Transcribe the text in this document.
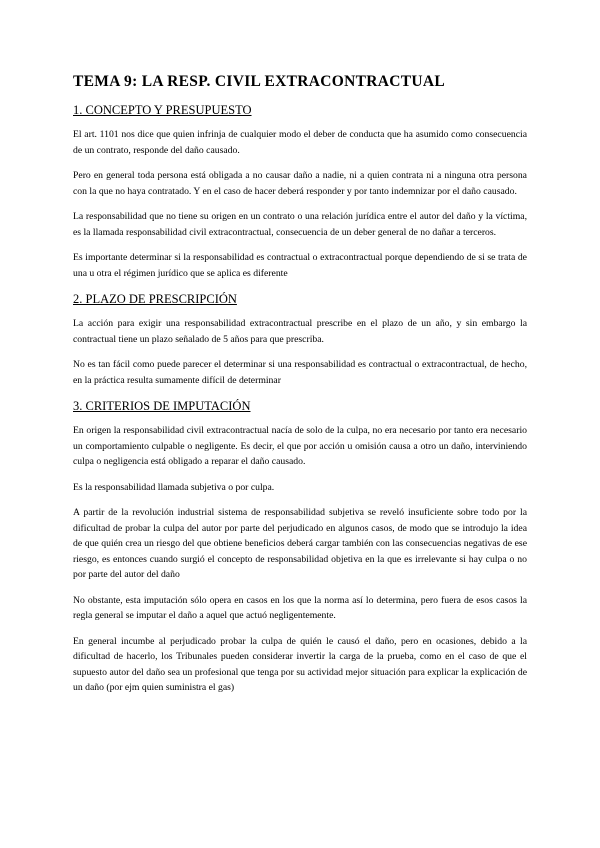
TEMA 9: LA RESP. CIVIL EXTRACONTRACTUAL
1. CONCEPTO Y PRESUPUESTO

El art. 1101 nos dice que quien infrinja de cualquier modo el deber de conducta que ha asumido como consecuencia de un contrato, responde del daño causado.

Pero en general toda persona está obligada a no causar daño a nadie, ni a quien contrata ni a ninguna otra persona con la que no haya contratado. Y en el caso de hacer deberá responder y por tanto indemnizar por el daño causado.

La responsabilidad que no tiene su origen en un contrato o una relación jurídica entre el autor del daño y la víctima, es la llamada responsabilidad civil extracontractual, consecuencia de un deber general de no dañar a terceros.

Es importante determinar si la responsabilidad es contractual o extracontractual porque dependiendo de si se trata de una u otra el régimen jurídico que se aplica es diferente

2. PLAZO DE PRESCRIPCIÓN

La acción para exigir una responsabilidad extracontractual prescribe en el plazo de un año, y sin embargo la contractual tiene un plazo señalado de 5 años para que prescriba.

No es tan fácil como puede parecer el determinar si una responsabilidad es contractual o extracontractual, de hecho, en la práctica resulta sumamente difícil de determinar

3. CRITERIOS DE IMPUTACIÓN

En origen la responsabilidad civil extracontractual nacía de solo de la culpa, no era necesario por tanto era necesario un comportamiento culpable o negligente. Es decir, el que por acción u omisión causa a otro un daño, interviniendo culpa o negligencia está obligado a reparar el daño causado.

Es la responsabilidad llamada subjetiva o por culpa.

A partir de la revolución industrial sistema de responsabilidad subjetiva se reveló insuficiente sobre todo por la dificultad de probar la culpa del autor por parte del perjudicado en algunos casos, de modo que se introdujo la idea de que quién crea un riesgo del que obtiene beneficios deberá cargar también con las consecuencias negativas de ese riesgo, es entonces cuando surgió el concepto de responsabilidad objetiva en la que es irrelevante si hay culpa o no por parte del autor del daño

No obstante, esta imputación sólo opera en casos en los que la norma así lo determina, pero fuera de esos casos la regla general se imputar el daño a aquel que actuó negligentemente.

En general incumbe al perjudicado probar la culpa de quién le causó el daño, pero en ocasiones, debido a la dificultad de hacerlo, los Tribunales pueden considerar invertir la carga de la prueba, como en el caso de que el supuesto autor del daño sea un profesional que tenga por su actividad mejor situación para explicar la explicación de un daño (por ejm quien suministra el gas)
